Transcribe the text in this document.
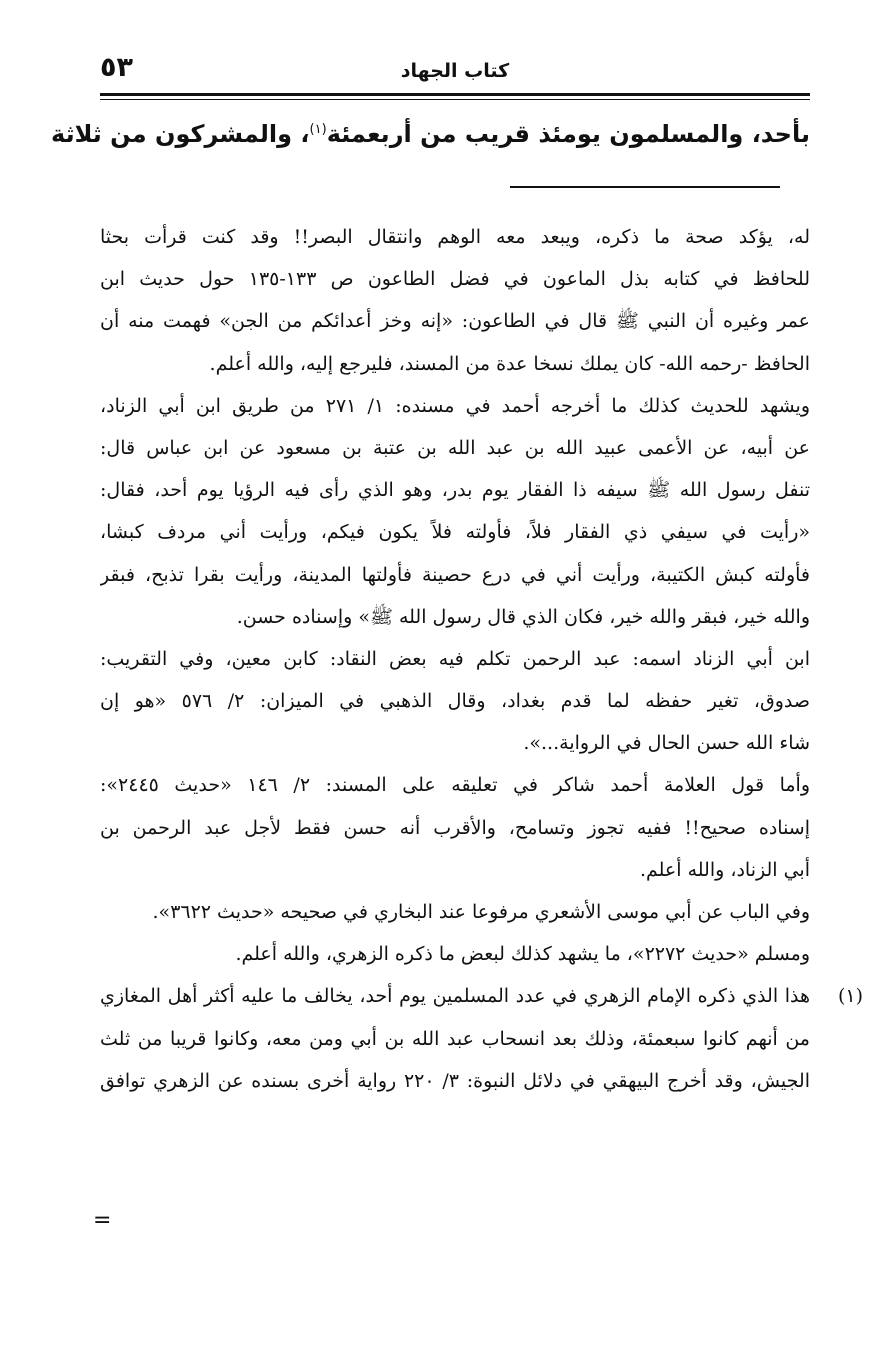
كتاب الجهاد
٥٣
بأحد، والمسلمون يومئذ قريب من أربعمئة$^{(١)}$، والمشركون من ثلاثة
له، يؤكد صحة ما ذكره، ويبعد معه الوهم وانتقال البصر!! وقد كنت قرأت بحثا
للحافظ في كتابه بذل الماعون في فضل الطاعون ص ١٣٣-١٣٥ حول حديث ابن
عمر وغيره أن النبي ﷺ قال في الطاعون: «إنه وخز أعدائكم من الجن» فهمت منه أن
الحافظ -رحمه الله- كان يملك نسخا عدة من المسند، فليرجع إليه، والله أعلم.
ويشهد للحديث كذلك ما أخرجه أحمد في مسنده: ١/ ٢٧١ من طريق ابن أبي الزناد،
عن أبيه، عن الأعمى عبيد الله بن عبد الله بن عتبة بن مسعود عن ابن عباس قال:
تنفل رسول الله ﷺ سيفه ذا الفقار يوم بدر، وهو الذي رأى فيه الرؤيا يوم أحد، فقال:
«رأيت في سيفي ذي الفقار فلاً، فأولته فلاً يكون فيكم، ورأيت أني مردف كبشا،
فأولته كبش الكتيبة، ورأيت أني في درع حصينة فأولتها المدينة، ورأيت بقرا تذبح، فبقر
والله خير، فبقر والله خير، فكان الذي قال رسول الله ﷺ» وإسناده حسن.
ابن أبي الزناد اسمه: عبد الرحمن تكلم فيه بعض النقاد: كابن معين، وفي التقريب:
صدوق، تغير حفظه لما قدم بغداد، وقال الذهبي في الميزان: ٢/ ٥٧٦ «هو إن
شاء الله حسن الحال في الرواية...».
وأما قول العلامة أحمد شاكر في تعليقه على المسند: ٢/ ١٤٦ «حديث ٢٤٤٥»:
إسناده صحيح!! ففيه تجوز وتسامح، والأقرب أنه حسن فقط لأجل عبد الرحمن بن
أبي الزناد، والله أعلم.
وفي الباب عن أبي موسى الأشعري مرفوعا عند البخاري في صحيحه «حديث ٣٦٢٢».
ومسلم «حديث ٢٢٧٢»، ما يشهد كذلك لبعض ما ذكره الزهري، والله أعلم.
(١)
هذا الذي ذكره الإمام الزهري في عدد المسلمين يوم أحد، يخالف ما عليه أكثر أهل المغازي
من أنهم كانوا سبعمئة، وذلك بعد انسحاب عبد الله بن أبي ومن معه، وكانوا قريبا من ثلث
الجيش، وقد أخرج البيهقي في دلائل النبوة: ٣/ ٢٢٠ رواية أخرى بسنده عن الزهري توافق
=
